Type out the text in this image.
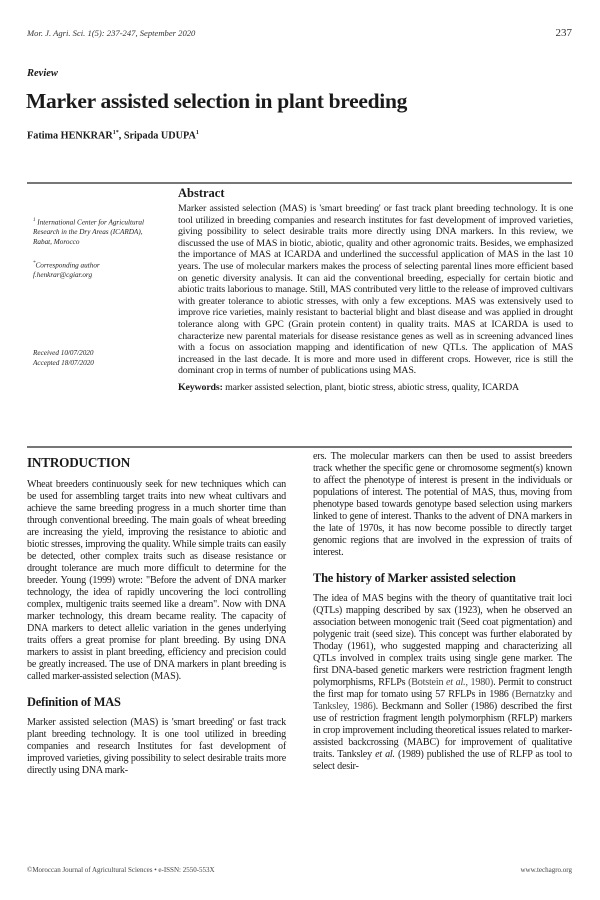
Mor. J. Agri. Sci. 1(5): 237-247, September 2020	237
Review
Marker assisted selection in plant breeding
Fatima $HENKRAR^{1*}$, Sripada UDUPA$^1$
$^1$ International Center for Agricultural Research in the Dry Areas (ICARDA), Rabat, Morocco
*Corresponding author
f.henkrar@cgiar.org
Received 10/07/2020
Accepted 18/07/2020
Abstract

Marker assisted selection (MAS) is 'smart breeding' or fast track plant breeding technology. It is one tool utilized in breeding companies and research institutes for fast development of improved varieties, giving possibility to select desirable traits more directly using DNA markers. In this review, we discussed the use of MAS in biotic, abiotic, quality and other agronomic traits. Besides, we emphasized the importance of MAS at ICARDA and underlined the successful application of MAS in the last 10 years. The use of molecular markers makes the process of selecting parental lines more efficient based on genetic diversity analysis. It can aid the conventional breeding, especially for certain biotic and abiotic traits laborious to manage. Still, MAS contributed very little to the release of improved cultivars with greater tolerance to abiotic stresses, with only a few exceptions. MAS was extensively used to improve rice varieties, mainly resistant to bacterial blight and blast disease and was applied in drought tolerance along with GPC (Grain protein content) in quality traits. MAS at ICARDA is used to characterize new parental materials for disease resistance genes as well as in screening advanced lines with a focus on association mapping and identification of new QTLs. The application of MAS increased in the last decade. It is more and more used in different crops. However, rice is still the dominant crop in terms of number of publications using MAS.

Keywords: marker assisted selection, plant, biotic stress, abiotic stress, quality, ICARDA

INTRODUCTION

Wheat breeders continuously seek for new techniques which can be used for assembling target traits into new wheat cultivars and achieve the same breeding progress in a much shorter time than through conventional breeding. The main goals of wheat breeding are increasing the yield, improving the resistance to abiotic and biotic stresses, improving the quality. While simple traits can easily be detected, other complex traits such as disease resistance or drought tolerance are much more difficult to determine for the breeder. Young (1999) wrote: "Before the advent of DNA marker technology, the idea of rapidly uncovering the loci controlling complex, multigenic traits seemed like a dream". Now with DNA marker technology, this dream became reality. The capacity of DNA markers to detect allelic variation in the genes underlying traits offers a great promise for plant breeding. By using DNA markers to assist in plant breeding, efficiency and precision could be greatly increased. The use of DNA markers in plant breeding is called marker-assisted selection (MAS).

Definition of MAS

Marker assisted selection (MAS) is 'smart breeding' or fast track plant breeding technology. It is one tool utilized in breeding companies and research Institutes for fast development of improved varieties, giving possibility to select desirable traits more directly using DNA mark-

ers. The molecular markers can then be used to assist breeders track whether the specific gene or chromosome segment(s) known to affect the phenotype of interest is present in the individuals or populations of interest. The potential of MAS, thus, moving from phenotype based towards genotype based selection using markers linked to gene of interest. Thanks to the advent of DNA markers in the late of 1970s, it has now become possible to directly target genomic regions that are involved in the expression of traits of interest.

The history of Marker assisted selection

The idea of MAS begins with the theory of quantitative trait loci (QTLs) mapping described by sax (1923), when he observed an association between monogenic trait (Seed coat pigmentation) and polygenic trait (seed size). This concept was further elaborated by Thoday (1961), who suggested mapping and characterizing all QTLs involved in complex traits using single gene marker. The first DNA-based genetic markers were restriction fragment length polymorphisms, RFLPs (Botstein et al., 1980). Permit to construct the first map for tomato using 57 RFLPs in 1986 (Bernatzky and Tanksley, 1986). Beckmann and Soller (1986) described the first use of restriction fragment length polymorphism (RFLP) markers in crop improvement including theoretical issues related to marker-assisted backcrossing (MABC) for improvement of qualitative traits. Tanksley et al. (1989) published the use of RLFP as tool to select desir-

©Moroccan Journal of Agricultural Sciences • e-ISSN: 2550-553X	www.techagro.org
